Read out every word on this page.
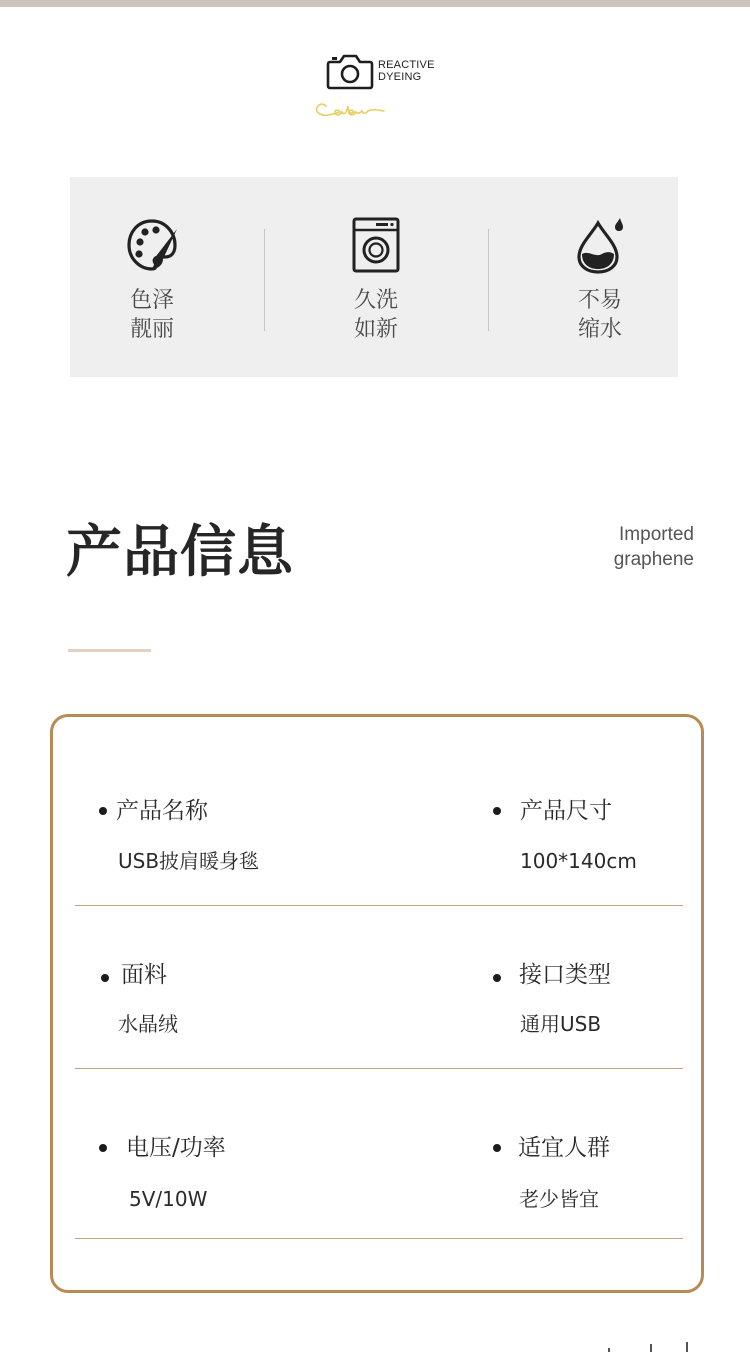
REACTIVE
DYEING
色泽
靓丽
久洗
如新
不易
缩水
产品信息	Imported
graphene
产品名称
USB披肩暖身毯
产品尺寸
100*140cm
面料
水晶绒
接口类型
通用USB
电压/功率
5V/10W
适宜人群
老少皆宜
